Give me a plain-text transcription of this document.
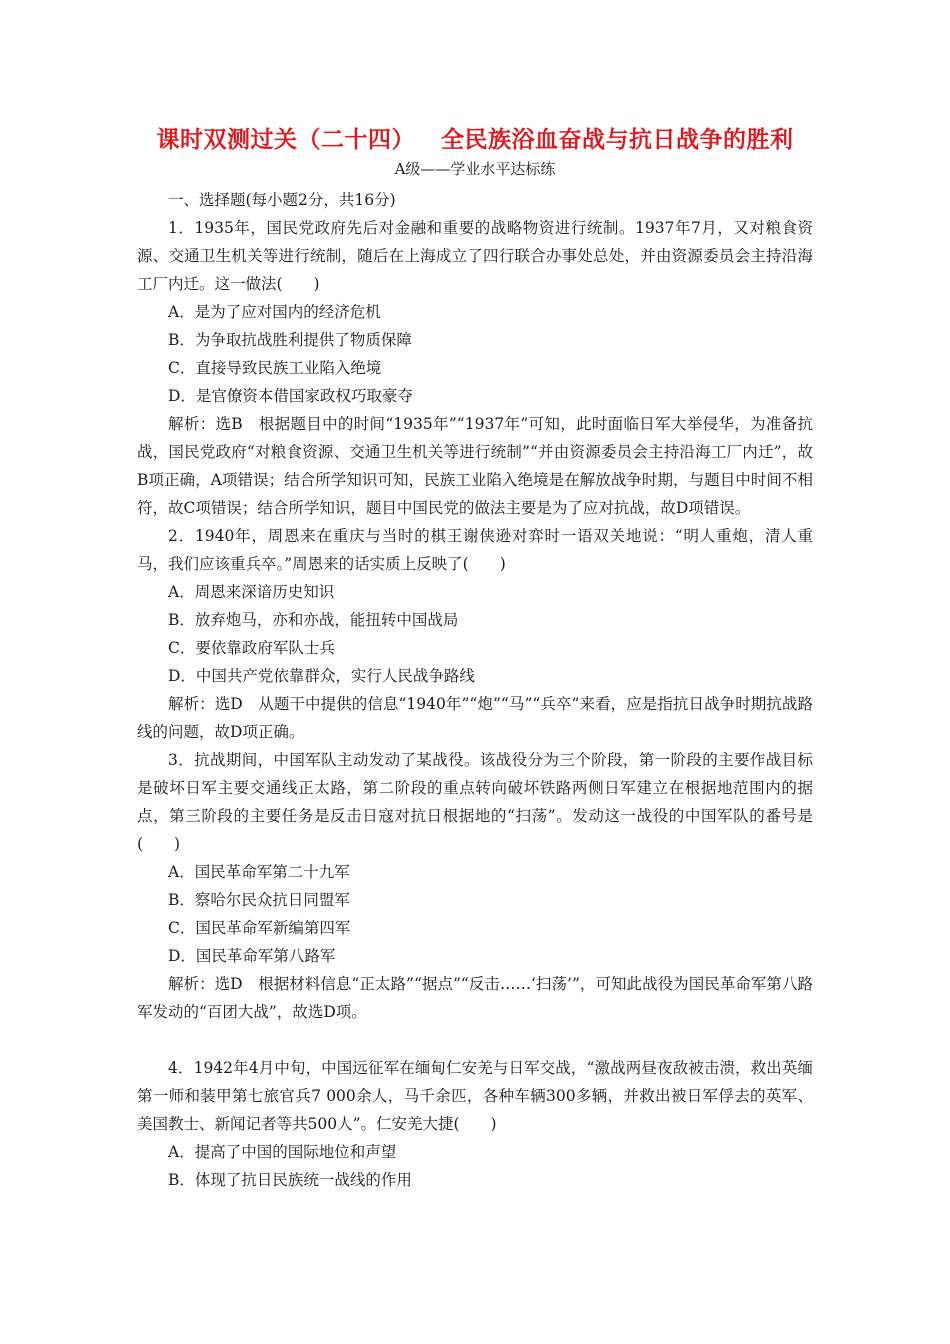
课时双测过关（二十四） 全民族浴血奋战与抗日战争的胜利
A级——学业水平达标练

一、选择题(每小题2分，共16分)

1．1935年，国民党政府先后对金融和重要的战略物资进行统制。1937年7月，又对粮食资源、交通卫生机关等进行统制，随后在上海成立了四行联合办事处总处，并由资源委员会主持沿海工厂内迁。这一做法(　　)

A．是为了应对国内的经济危机

B．为争取抗战胜利提供了物质保障

C．直接导致民族工业陷入绝境

D．是官僚资本借国家政权巧取豪夺

解析：选B　根据题目中的时间“1935年”“1937年”可知，此时面临日军大举侵华，为准备抗战，国民党政府“对粮食资源、交通卫生机关等进行统制”“并由资源委员会主持沿海工厂内迁”，故B项正确，A项错误；结合所学知识可知，民族工业陷入绝境是在解放战争时期，与题目中时间不相符，故C项错误；结合所学知识，题目中国民党的做法主要是为了应对抗战，故D项错误。

2．1940年，周恩来在重庆与当时的棋王谢侠逊对弈时一语双关地说：“明人重炮，清人重马，我们应该重兵卒。”周恩来的话实质上反映了(　　)

A．周恩来深谙历史知识

B．放弃炮马，亦和亦战，能扭转中国战局

C．要依靠政府军队士兵

D．中国共产党依靠群众，实行人民战争路线

解析：选D　从题干中提供的信息“1940年”“炮”“马”“兵卒”来看，应是指抗日战争时期抗战路线的问题，故D项正确。

3．抗战期间，中国军队主动发动了某战役。该战役分为三个阶段，第一阶段的主要作战目标是破坏日军主要交通线正太路，第二阶段的重点转向破坏铁路两侧日军建立在根据地范围内的据点，第三阶段的主要任务是反击日寇对抗日根据地的“扫荡”。发动这一战役的中国军队的番号是(　　)

A．国民革命军第二十九军

B．察哈尔民众抗日同盟军

C．国民革命军新编第四军

D．国民革命军第八路军

解析：选D　根据材料信息“正太路”“据点”“反击……‘扫荡’”，可知此战役为国民革命军第八路军发动的“百团大战”，故选D项。

4．1942年4月中旬，中国远征军在缅甸仁安羌与日军交战，“激战两昼夜敌被击溃，救出英缅第一师和装甲第七旅官兵7 000余人，马千余匹，各种车辆300多辆，并救出被日军俘去的英军、美国教士、新闻记者等共500人”。仁安羌大捷(　　)

A．提高了中国的国际地位和声望

B．体现了抗日民族统一战线的作用
